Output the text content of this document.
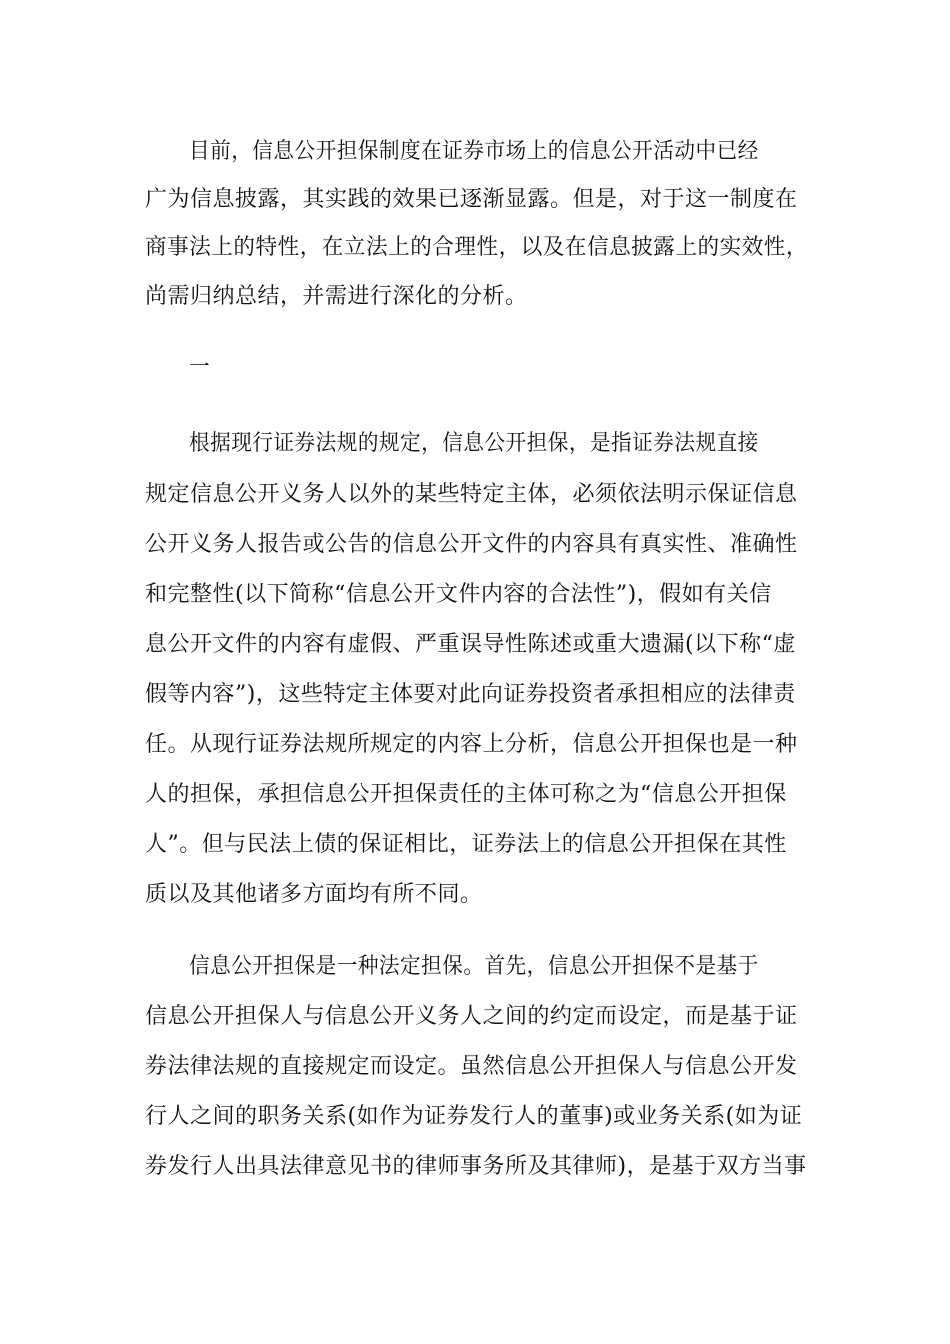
目前，信息公开担保制度在证券市场上的信息公开活动中已经
广为信息披露，其实践的效果已逐渐显露。但是，对于这一制度在
商事法上的特性，在立法上的合理性，以及在信息披露上的实效性，
尚需归纳总结，并需进行深化的分析。
一
根据现行证券法规的规定，信息公开担保，是指证券法规直接
规定信息公开义务人以外的某些特定主体，必须依法明示保证信息
公开义务人报告或公告的信息公开文件的内容具有真实性、准确性
和完整性(以下简称“信息公开文件内容的合法性”)，假如有关信
息公开文件的内容有虚假、严重误导性陈述或重大遗漏(以下称“虚
假等内容”)，这些特定主体要对此向证券投资者承担相应的法律责
任。从现行证券法规所规定的内容上分析，信息公开担保也是一种
人的担保，承担信息公开担保责任的主体可称之为“信息公开担保
人”。但与民法上债的保证相比，证券法上的信息公开担保在其性
质以及其他诸多方面均有所不同。
信息公开担保是一种法定担保。首先，信息公开担保不是基于
信息公开担保人与信息公开义务人之间的约定而设定，而是基于证
券法律法规的直接规定而设定。虽然信息公开担保人与信息公开发
行人之间的职务关系(如作为证券发行人的董事)或业务关系(如为证
券发行人出具法律意见书的律师事务所及其律师)，是基于双方当事
